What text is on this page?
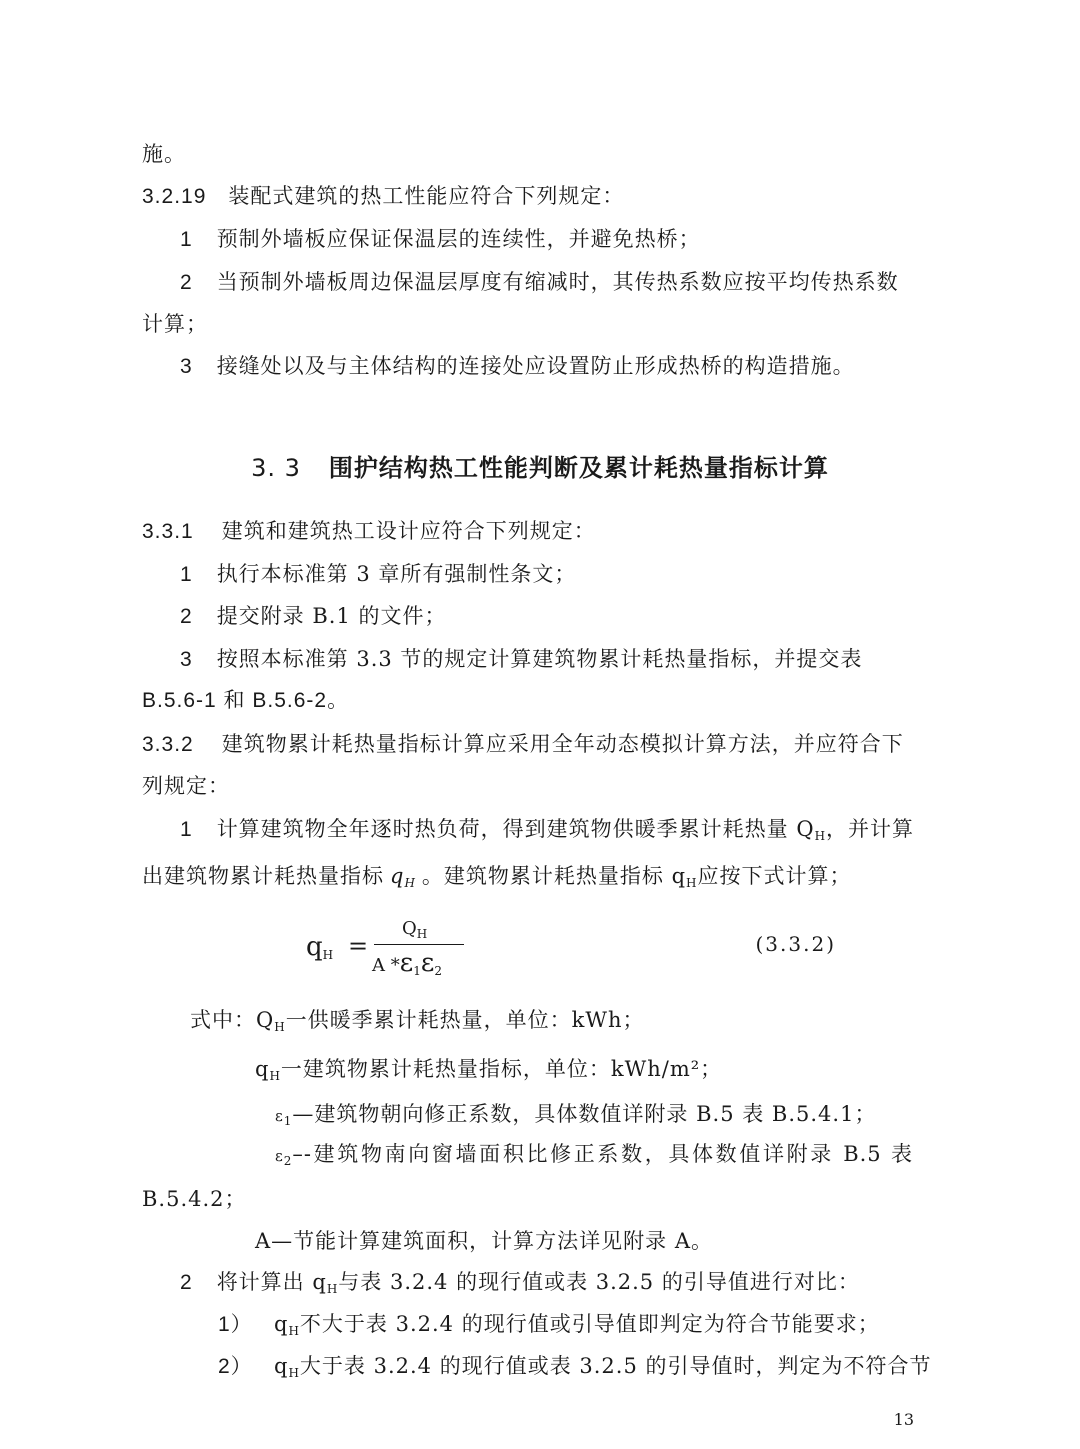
施。
3.2.19 装配式建筑的热工性能应符合下列规定：
1 预制外墙板应保证保温层的连续性，并避免热桥；
2 当预制外墙板周边保温层厚度有缩减时，其传热系数应按平均传热系数
计算；
3 接缝处以及与主体结构的连接处应设置防止形成热桥的构造措施。
3. 3 围护结构热工性能判断及累计耗热量指标计算
3.3.1 建筑和建筑热工设计应符合下列规定：
1 执行本标准第 3 章所有强制性条文；
2 提交附录 B.1 的文件；
3 按照本标准第 3.3 节的规定计算建筑物累计耗热量指标，并提交表
B.5.6-1 和 B.5.6-2。
3.3.2 建筑物累计耗热量指标计算应采用全年动态模拟计算方法，并应符合下
列规定：
1 计算建筑物全年逐时热负荷，得到建筑物供暖季累计耗热量 $Q_H$，并计算
出建筑物累计耗热量指标 $q_H$ 。建筑物累计耗热量指标 $q_H$应按下式计算；
$q_H$ =
$Q_H$
A $*\varepsilon_1\varepsilon_2$
(3.3.2)
式中：$Q_H$一供暖季累计耗热量，单位：kWh；
$q_H$一建筑物累计耗热量指标，单位：kWh/m²；
$\varepsilon_1—$建筑物朝向修正系数，具体数值详附录 B.5 表 B.5.4.1；
$\varepsilon_2--$建筑物南向窗墙面积比修正系数，具体数值详附录 B.5 表
B.5.4.2；
A—节能计算建筑面积，计算方法详见附录 A。
2 将计算出 $q_H$与表 3.2.4 的现行值或表 3.2.5 的引导值进行对比：
1） $q_H$不大于表 3.2.4 的现行值或引导值即判定为符合节能要求；
2） $q_H$大于表 3.2.4 的现行值或表 3.2.5 的引导值时，判定为不符合节
13
